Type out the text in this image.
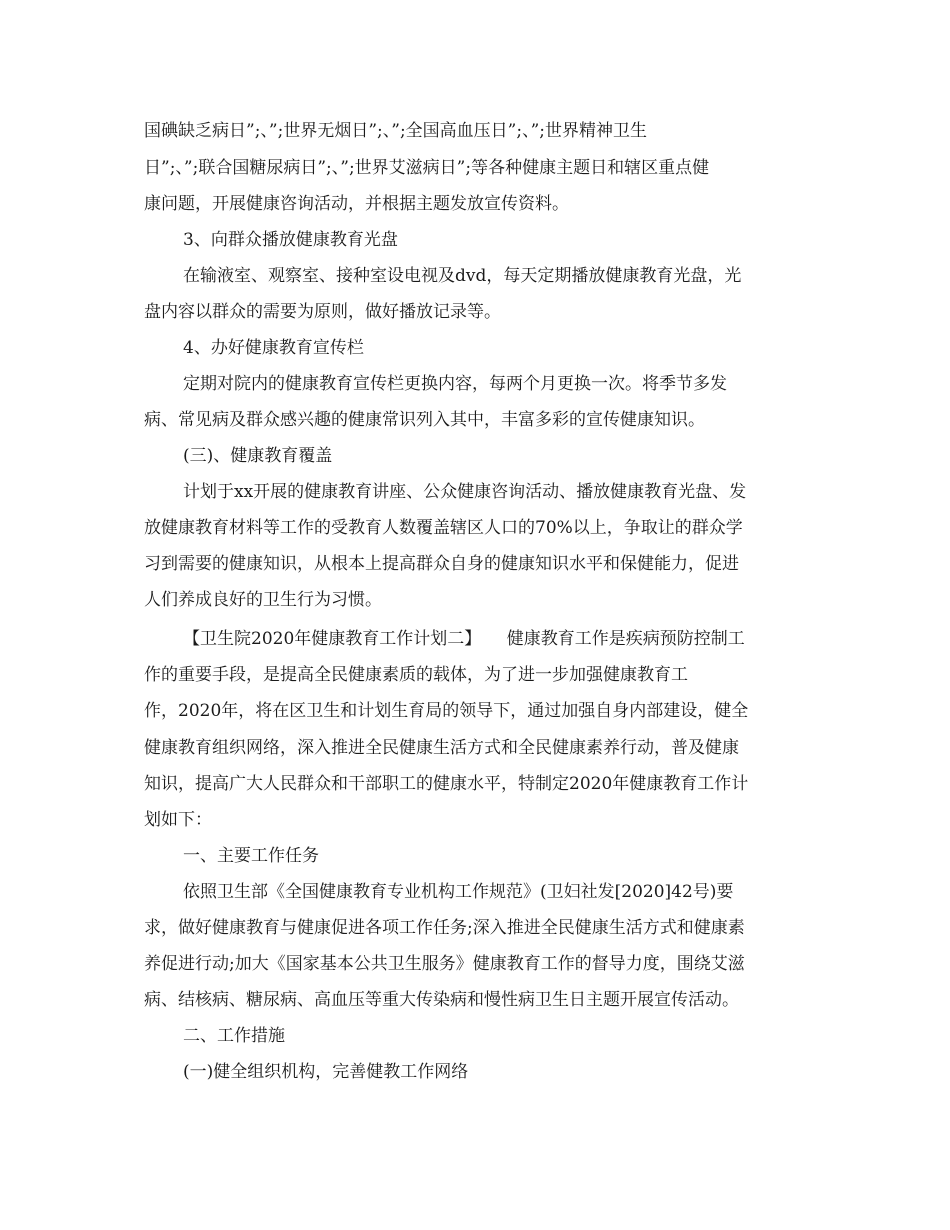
国碘缺乏病日”;、”;世界无烟日”;、”;全国高血压日”;、”;世界精神卫生
日”;、”;联合国糖尿病日”;、”;世界艾滋病日”;等各种健康主题日和辖区重点健
康问题，开展健康咨询活动，并根据主题发放宣传资料。
3、向群众播放健康教育光盘
在输液室、观察室、接种室设电视及dvd，每天定期播放健康教育光盘，光
盘内容以群众的需要为原则，做好播放记录等。
4、办好健康教育宣传栏
定期对院内的健康教育宣传栏更换内容，每两个月更换一次。将季节多发
病、常见病及群众感兴趣的健康常识列入其中，丰富多彩的宣传健康知识。
(三)、健康教育覆盖
计划于xx开展的健康教育讲座、公众健康咨询活动、播放健康教育光盘、发
放健康教育材料等工作的受教育人数覆盖辖区人口的70%以上，争取让的群众学
习到需要的健康知识，从根本上提高群众自身的健康知识水平和保健能力，促进
人们养成良好的卫生行为习惯。
【卫生院2020年健康教育工作计划二】　　健康教育工作是疾病预防控制工
作的重要手段，是提高全民健康素质的载体，为了进一步加强健康教育工
作，2020年，将在区卫生和计划生育局的领导下，通过加强自身内部建设，健全
健康教育组织网络，深入推进全民健康生活方式和全民健康素养行动，普及健康
知识，提高广大人民群众和干部职工的健康水平，特制定2020年健康教育工作计
划如下：
一、主要工作任务
依照卫生部《全国健康教育专业机构工作规范》(卫妇社发[2020]42号)要
求，做好健康教育与健康促进各项工作任务;深入推进全民健康生活方式和健康素
养促进行动;加大《国家基本公共卫生服务》健康教育工作的督导力度，围绕艾滋
病、结核病、糖尿病、高血压等重大传染病和慢性病卫生日主题开展宣传活动。
二、工作措施
(一)健全组织机构，完善健教工作网络
